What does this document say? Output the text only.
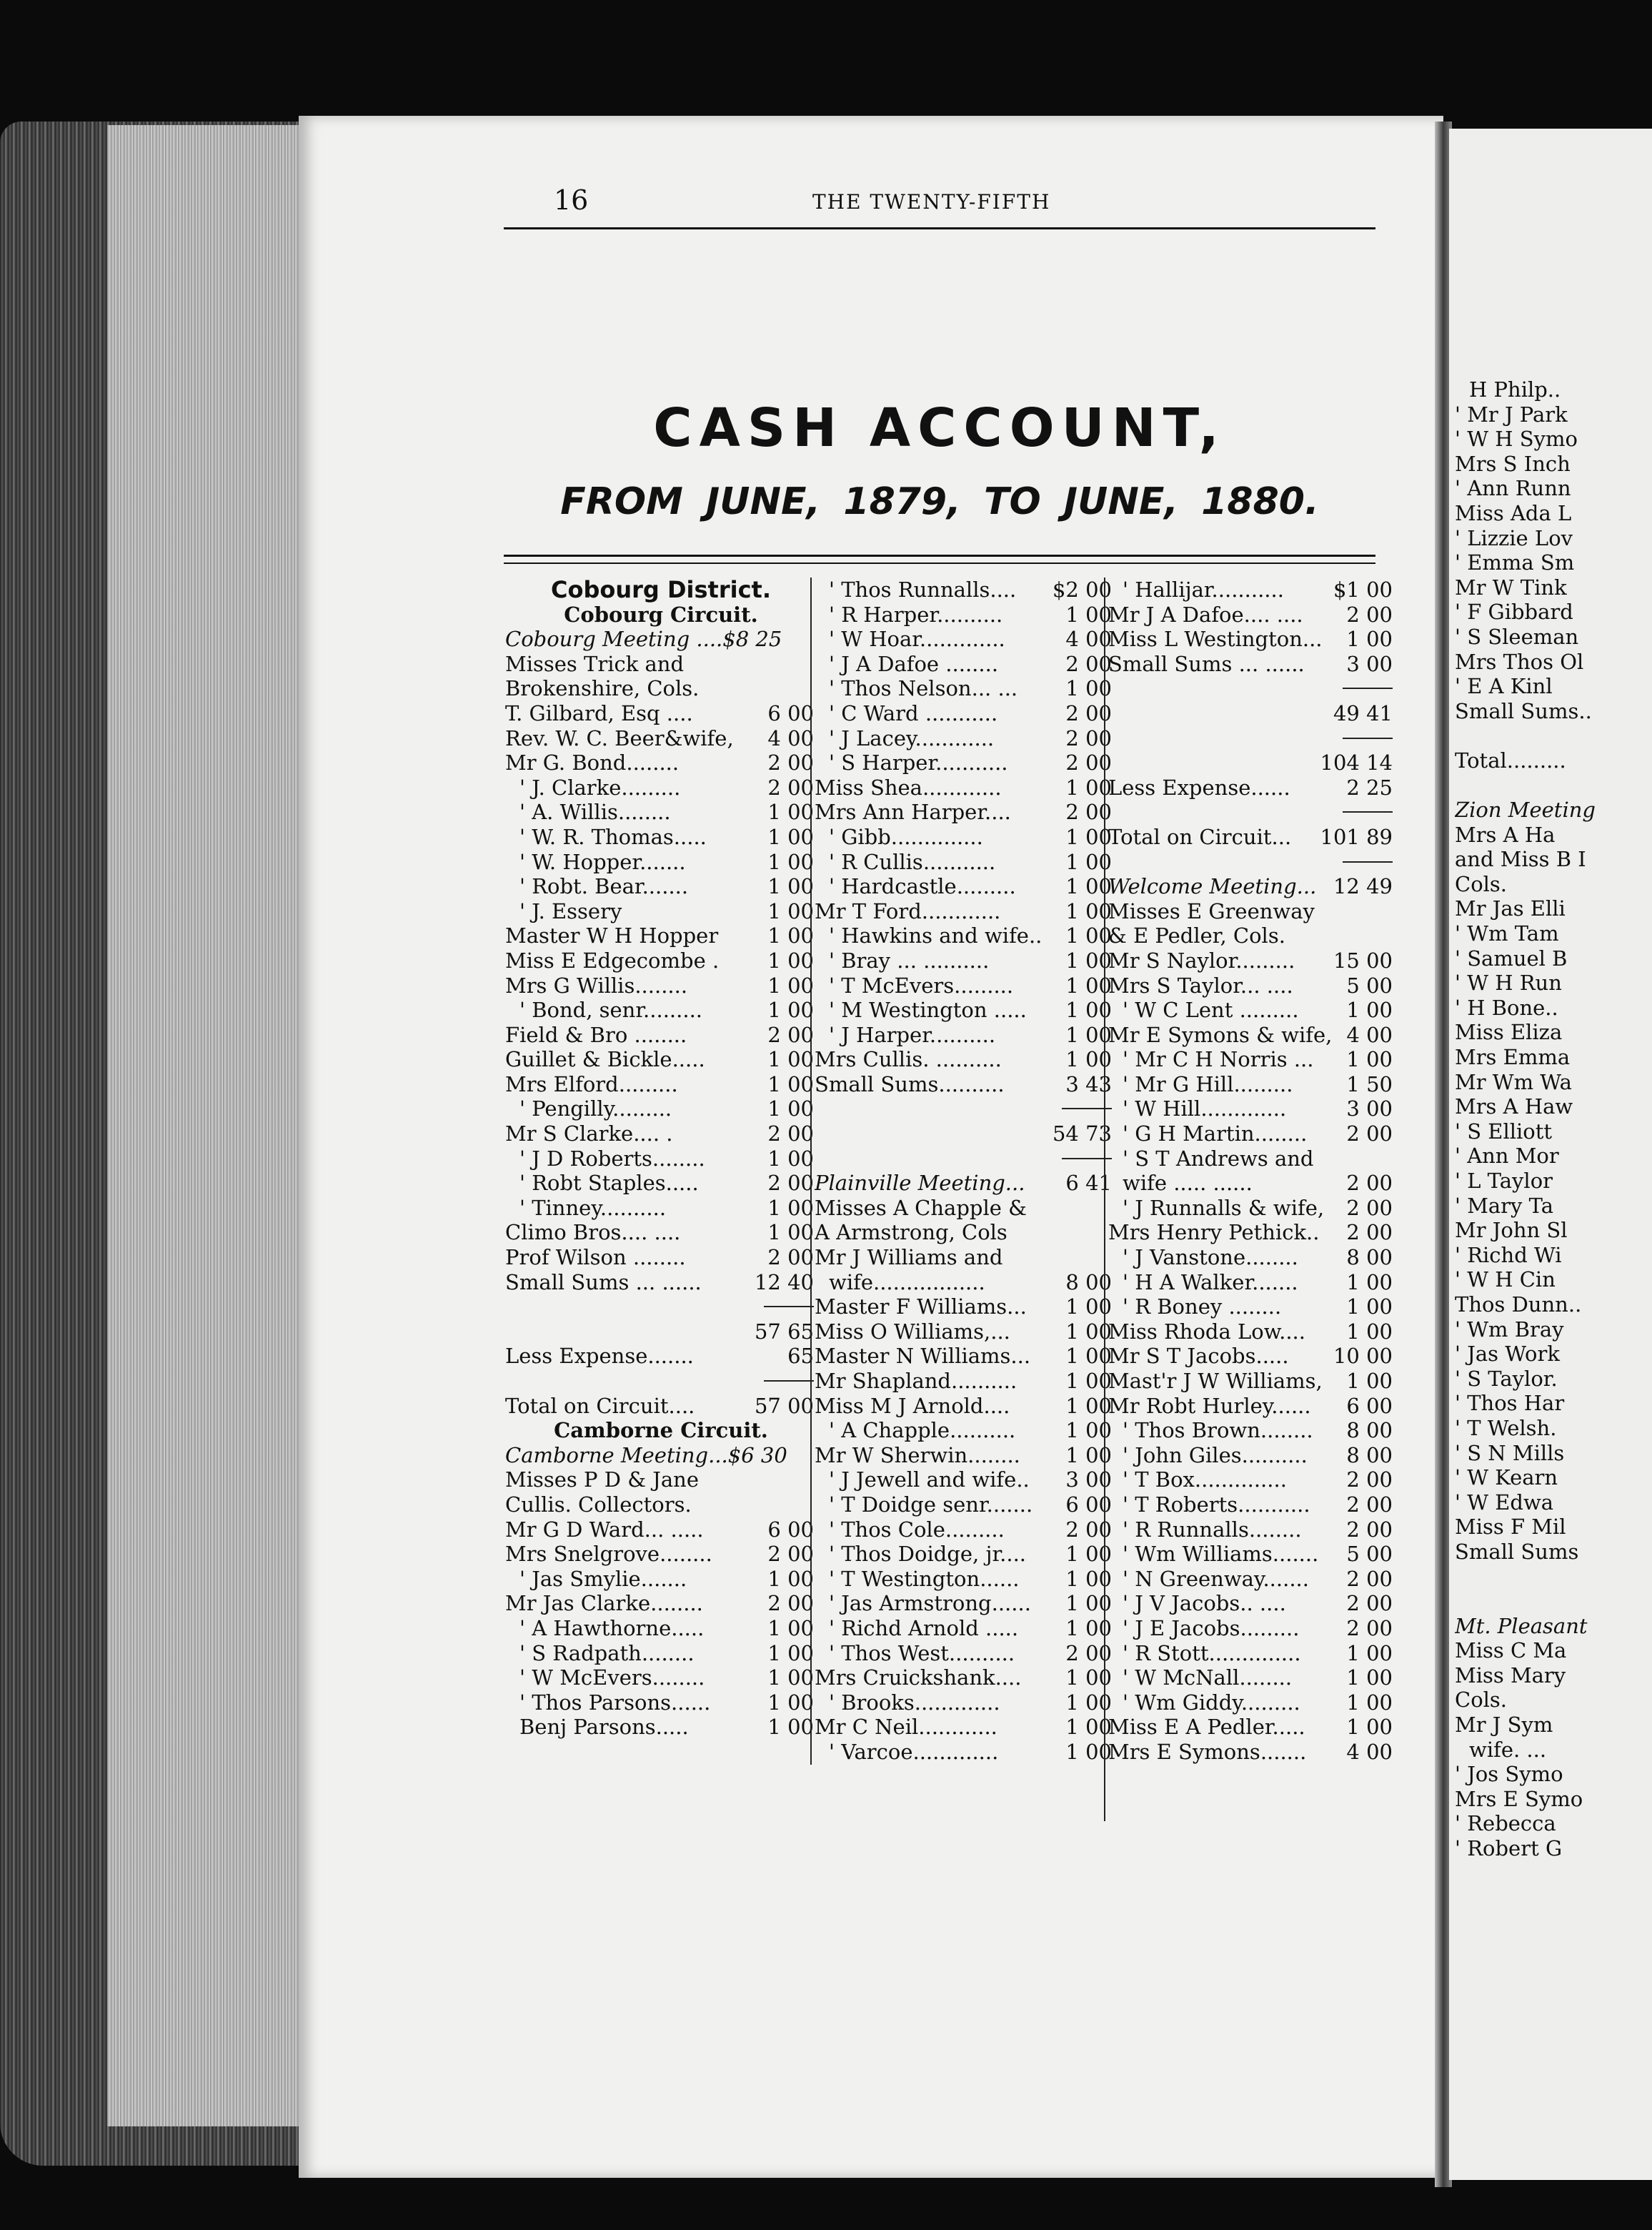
H Philp..
' Mr J Park
' W H Symo
Mrs S Inch
' Ann Runn
Miss Ada L
' Lizzie Lov
' Emma Sm
Mr W Tink
' F Gibbard
' S Sleeman
Mrs Thos Ol
' E A Kinl
Small Sums..
Total.........
Zion Meeting
Mrs A Ha
and Miss B I
Cols.
Mr Jas Elli
' Wm Tam
' Samuel B
' W H Run
' H Bone..
Miss Eliza
Mrs Emma
Mr Wm Wa
Mrs A Haw
' S Elliott
' Ann Mor
' L Taylor
' Mary Ta
Mr John Sl
' Richd Wi
' W H Cin
Thos Dunn..
' Wm Bray
' Jas Work
' S Taylor.
' Thos Har
' T Welsh.
' S N Mills
' W Kearn
' W Edwa
Miss F Mil
Small Sums
Mt. Pleasant
Miss C Ma
Miss Mary
Cols.
Mr J Sym
wife. ...
' Jos Symo
Mrs E Symo
' Rebecca
' Robert G
16	THE TWENTY-FIFTH
CASH ACCOUNT,
FROM JUNE, 1879, TO JUNE, 1880.
Cobourg District.
Cobourg Circuit.
Cobourg Meeting ....$8 25
Misses Trick and
Brokenshire, Cols.
T. Gilbard, Esq ....	6 00
Rev. W. C. Beer&wife, 4 00
Mr G. Bond........	2 00
' J. Clarke.........	2 00
' A. Willis........	1 00
' W. R. Thomas.....	1 00
' W. Hopper.......	1 00
' Robt. Bear.......	1 00
' J. Essery	1 00
Master W H Hopper 1 00
Miss E Edgecombe . 1 00
Mrs G Willis........	1 00
' Bond, senr.........	1 00
Field & Bro ........	2 00
Guillet & Bickle.....	1 00
Mrs Elford.........	1 00
' Pengilly.........	1 00
Mr S Clarke.... .	2 00
' J D Roberts........	1 00
' Robt Staples.....	2 00
' Tinney..........	1 00
Climo Bros.... ....	1 00
Prof Wilson ........	2 00
Small Sums ... ......	12 40
57 65
Less Expense.......	65
Total on Circuit....	57 00
Camborne Circuit.
Camborne Meeting...$6 30
Misses P D & Jane
Cullis. Collectors.
Mr G D Ward... .....	6 00
Mrs Snelgrove........	2 00
' Jas Smylie.......	1 00
Mr Jas Clarke........	2 00
' A Hawthorne.....	1 00
' S Radpath........	1 00
' W McEvers........	1 00
' Thos Parsons......	1 00
Benj Parsons.....	1 00
' Thos Runnalls.... $2 00
' R Harper..........	1 00
' W Hoar.............	4 00
' J A Dafoe ........	2 00
' Thos Nelson... ... 1 00
' C Ward ...........	2 00
' J Lacey............	2 00
' S Harper...........	2 00
Miss Shea............	1 00
Mrs Ann Harper....	2 00
' Gibb..............	1 00
' R Cullis...........	1 00
' Hardcastle......... 1 00
Mr T Ford............	1 00
' Hawkins and wife.. 1 00
' Bray ... ..........	1 00
' T McEvers.........	1 00
' M Westington ..... 1 00
' J Harper..........	1 00
Mrs Cullis. ..........	1 00
Small Sums..........	3 43
54 73
Plainville Meeting... 6 41
Misses A Chapple &
A Armstrong, Cols
Mr J Williams and
wife.................	8 00
Master F Williams... 1 00
Miss O Williams,...	1 00
Master N Williams... 1 00
Mr Shapland.......... 1 00
Miss M J Arnold....	1 00
' A Chapple.......... 1 00
Mr W Sherwin........ 1 00
' J Jewell and wife.. 3 00
' T Doidge senr....... 6 00
' Thos Cole.........	2 00
' Thos Doidge, jr.... 1 00
' T Westington...... 1 00
' Jas Armstrong...... 1 00
' Richd Arnold ..... 1 00
' Thos West.......... 2 00
Mrs Cruickshank.... 1 00
' Brooks.............	1 00
Mr C Neil............	1 00
' Varcoe.............	1 00
' Hallijar........... $1 00
Mr J A Dafoe.... .... 2 00
Miss L Westington... 1 00
Small Sums ... ...... 3 00
49 41
104 14
Less Expense......	2 25
Total on Circuit... 101 89
Welcome Meeting... 12 49
Misses E Greenway
& E Pedler, Cols.
Mr S Naylor......... 15 00
Mrs S Taylor... ....	5 00
' W C Lent ......... 1 00
Mr E Symons & wife, 4 00
' Mr C H Norris ... 1 00
' Mr G Hill.........	1 50
' W Hill.............	3 00
' G H Martin........ 2 00
' S T Andrews and
wife ..... ......	2 00
' J Runnalls & wife, 2 00
Mrs Henry Pethick.. 2 00
' J Vanstone........ 8 00
' H A Walker....... 1 00
' R Boney ........	1 00
Miss Rhoda Low.... 1 00
Mr S T Jacobs..... 10 00
Mast'r J W Williams, 1 00
Mr Robt Hurley...... 6 00
' Thos Brown........ 8 00
' John Giles.......... 8 00
' T Box..............	2 00
' T Roberts........... 2 00
' R Runnalls........ 2 00
' Wm Williams....... 5 00
' N Greenway....... 2 00
' J V Jacobs.. ....	2 00
' J E Jacobs......... 2 00
' R Stott.............. 1 00
' W McNall........	1 00
' Wm Giddy......... 1 00
Miss E A Pedler..... 1 00
Mrs E Symons....... 4 00
